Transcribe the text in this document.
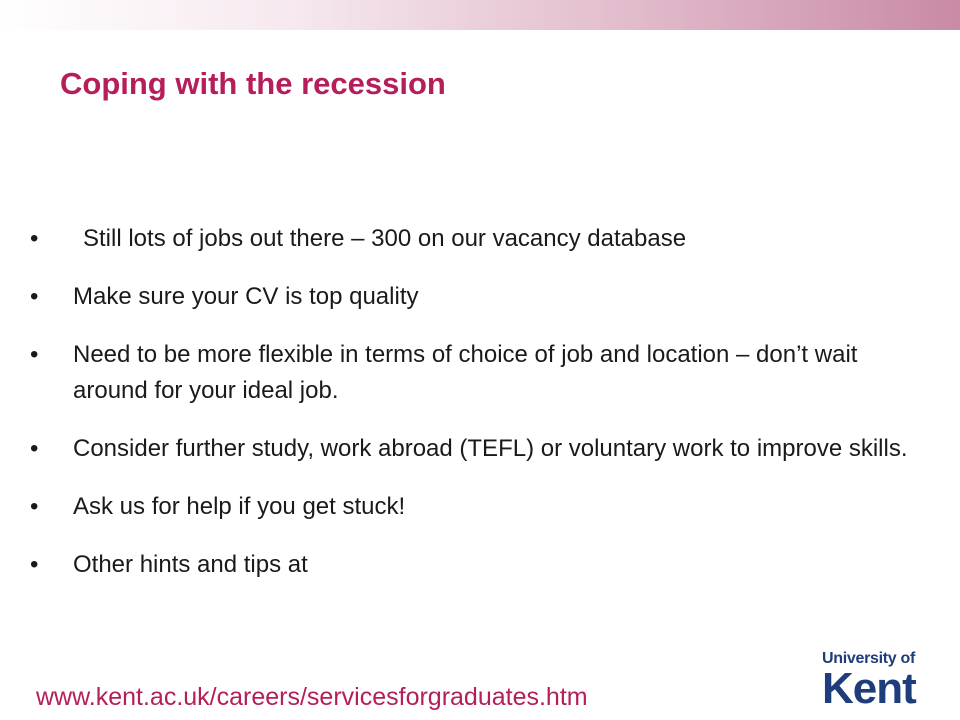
Coping with the recession
•	Still lots of jobs out there – 300 on our vacancy database
•	Make sure your CV is top quality
•	Need to be more flexible in terms of choice of job and location – don’t wait around for your ideal job.
•	Consider further study, work abroad (TEFL) or voluntary work to improve skills.
•	Ask us for help if you get stuck!
•	Other hints and tips at
www.kent.ac.uk/careers/servicesforgraduates.htm
University of
Kent
